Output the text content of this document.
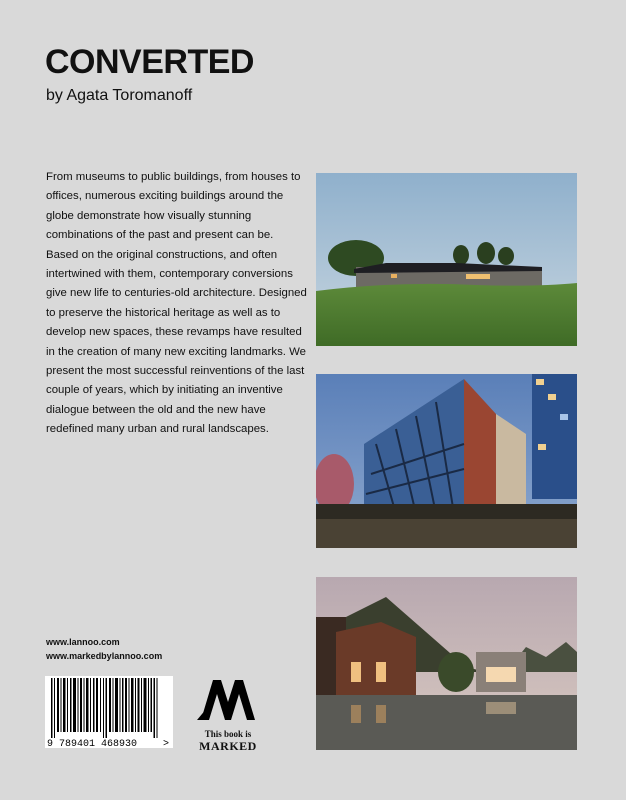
CONVERTED
by Agata Toromanoff

From museums to public buildings, from houses to offices, numerous exciting buildings around the globe demonstrate how visually stunning combinations of the past and present can be. Based on the original constructions, and often intertwined with them, contemporary conversions give new life to centuries-old architecture. Designed to preserve the historical heritage as well as to develop new spaces, these revamps have resulted in the creation of many new exciting landmarks. We present the most successful reinventions of the last couple of years, which by initiating an inventive dialogue between the old and the new have redefined many urban and rural landscapes.

www.lannoo.com
www.markedbylannoo.com
9 789401 468930	>
This book is
MARKED
